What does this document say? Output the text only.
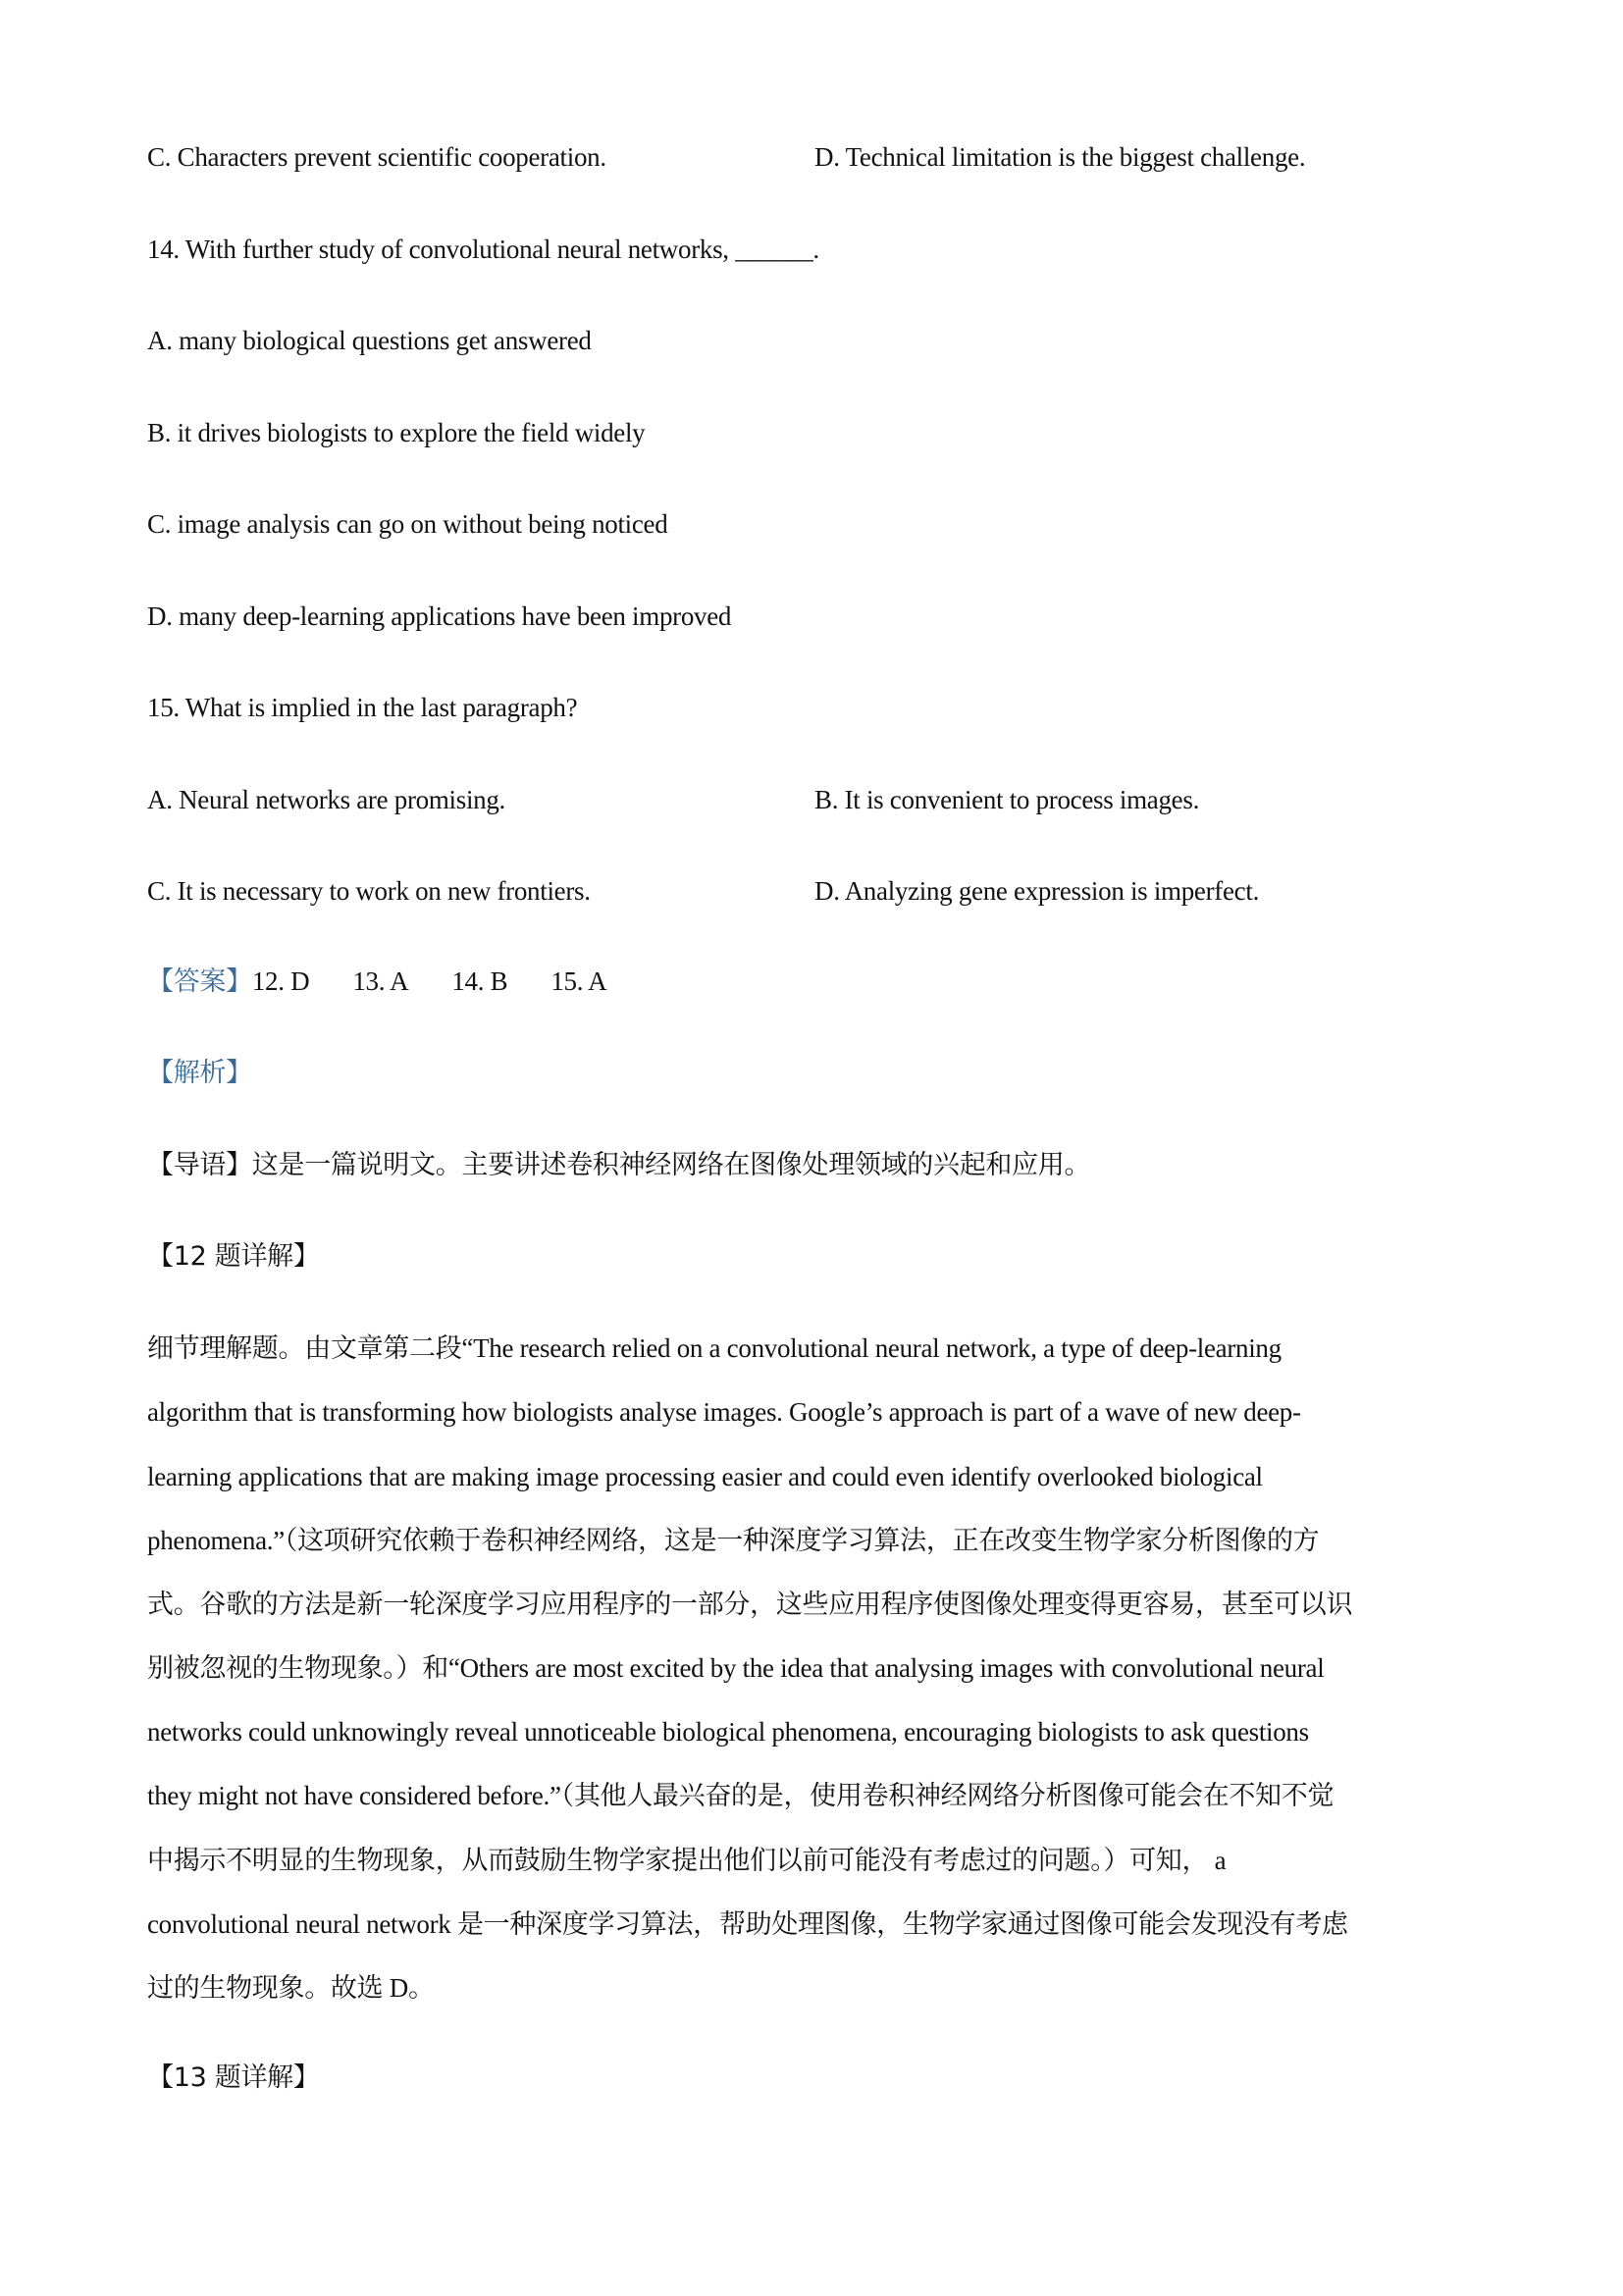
C. Characters prevent scientific cooperation.	D. Technical limitation is the biggest challenge.
14. With further study of convolutional neural networks, ______.
A. many biological questions get answered
B. it drives biologists to explore the field widely
C. image analysis can go on without being noticed
D. many deep-learning applications have been improved
15. What is implied in the last paragraph?
A. Neural networks are promising.	B. It is convenient to process images.
C. It is necessary to work on new frontiers.	D. Analyzing gene expression is imperfect.
【答案】12. D 13. A 14. B 15. A
【解析】
【导语】这是一篇说明文。主要讲述卷积神经网络在图像处理领域的兴起和应用。
【12 题详解】
细节理解题。由文章第二段“The research relied on a convolutional neural network, a type of deep-learning
algorithm that is transforming how biologists analyse images. Google’s approach is part of a wave of new deep-
learning applications that are making image processing easier and could even identify overlooked biological
phenomena.”（这项研究依赖于卷积神经网络，这是一种深度学习算法，正在改变生物学家分析图像的方
式。谷歌的方法是新一轮深度学习应用程序的一部分，这些应用程序使图像处理变得更容易，甚至可以识
别被忽视的生物现象。）和“Others are most excited by the idea that analysing images with convolutional neural
networks could unknowingly reveal unnoticeable biological phenomena, encouraging biologists to ask questions
they might not have considered before.”（其他人最兴奋的是，使用卷积神经网络分析图像可能会在不知不觉
中揭示不明显的生物现象，从而鼓励生物学家提出他们以前可能没有考虑过的问题。）可知， a
convolutional neural network 是一种深度学习算法，帮助处理图像，生物学家通过图像可能会发现没有考虑
过的生物现象。故选 D。
【13 题详解】
